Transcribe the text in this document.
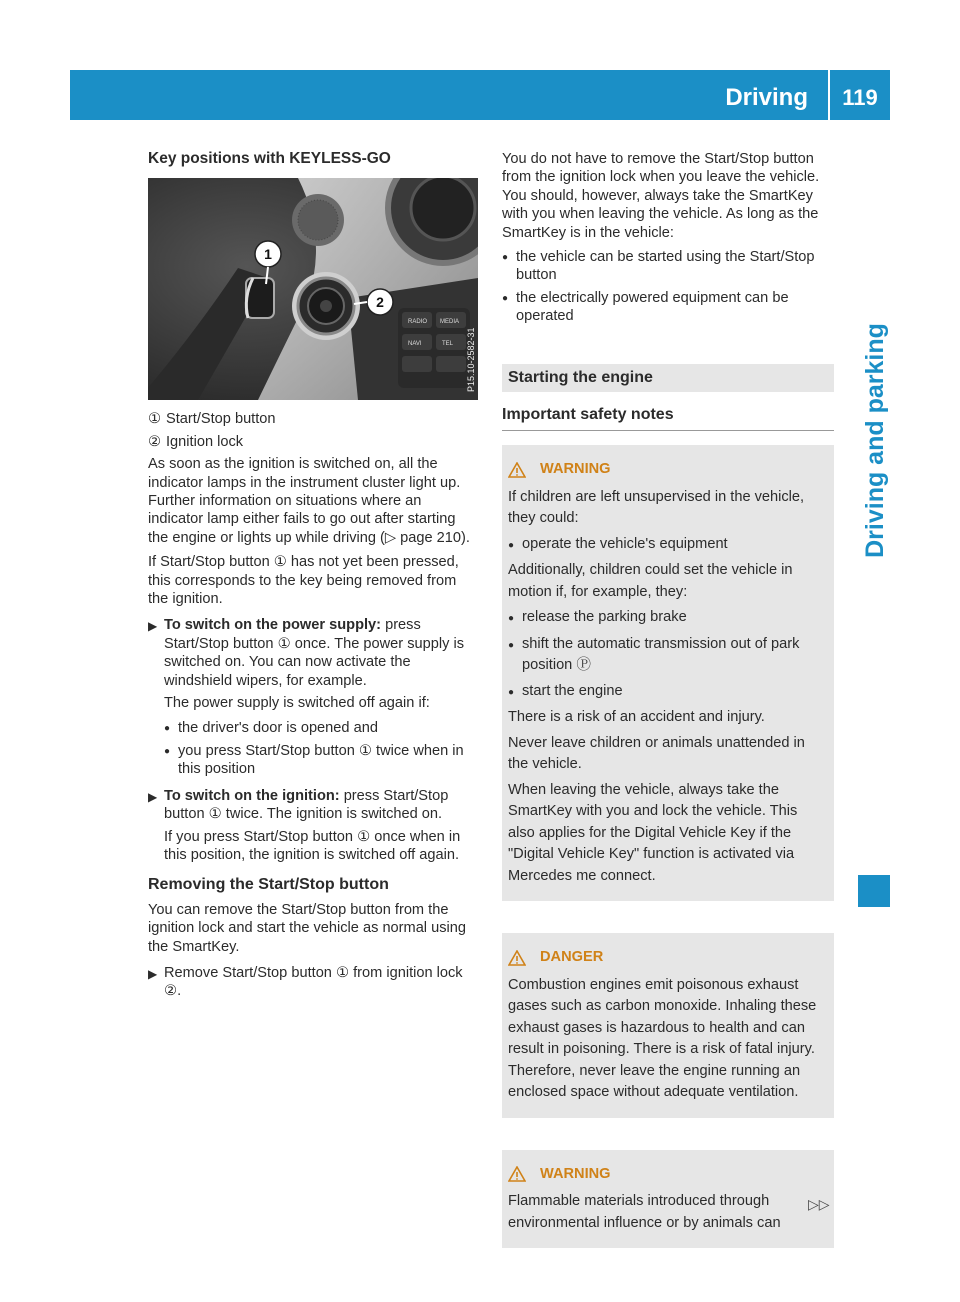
Driving	119
Driving and parking
Key positions with KEYLESS-GO
RADIO MEDIA
NAVI	TEL
1
2
P15.10-2582-31
① Start/Stop button
② Ignition lock

As soon as the ignition is switched on, all the indicator lamps in the instrument cluster light up. Further information on situations where an indicator lamp either fails to go out after starting the engine or lights up while driving (▷ page 210).

If Start/Stop button ① has not yet been pressed, this corresponds to the key being removed from the ignition.

▶ To switch on the power supply: press Start/Stop button ① once. The power supply is switched on. You can now activate the windshield wipers, for example.
The power supply is switched off again if:
● the driver's door is opened and
● you press Start/Stop button ① twice when in this position
▶ To switch on the ignition: press Start/Stop button ① twice. The ignition is switched on.
If you press Start/Stop button ① once when in this position, the ignition is switched off again.
Removing the Start/Stop button

You can remove the Start/Stop button from the ignition lock and start the vehicle as normal using the SmartKey.

▶ Remove Start/Stop button ① from ignition lock ②.

You do not have to remove the Start/Stop button from the ignition lock when you leave the vehicle. You should, however, always take the SmartKey with you when leaving the vehicle. As long as the SmartKey is in the vehicle:

● the vehicle can be started using the Start/Stop button
● the electrically powered equipment can be operated
Starting the engine
Important safety notes
WARNING

If children are left unsupervised in the vehicle, they could:

● operate the vehicle's equipment

Additionally, children could set the vehicle in motion if, for example, they:

● release the parking brake
● shift the automatic transmission out of park position Ⓟ
● start the engine

There is a risk of an accident and injury.

Never leave children or animals unattended in the vehicle.

When leaving the vehicle, always take the SmartKey with you and lock the vehicle. This also applies for the Digital Vehicle Key if the "Digital Vehicle Key" function is activated via Mercedes me connect.

DANGER

Combustion engines emit poisonous exhaust gases such as carbon monoxide. Inhaling these exhaust gases is hazardous to health and can result in poisoning. There is a risk of fatal injury. Therefore, never leave the engine running an enclosed space without adequate ventilation.

WARNING

Flammable materials introduced through environmental influence or by animals can

▷▷
